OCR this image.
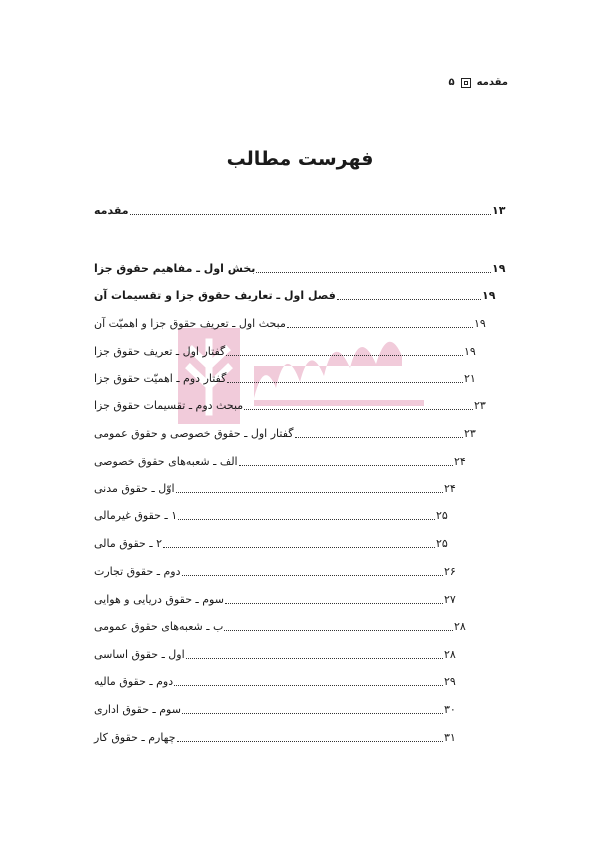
مقدمه
۵
فهرست مطالب
مقدمه	۱۳
بخش اول ـ مفاهیم حقوق جزا	۱۹
فصل اول ـ تعاریف حقوق جزا و تقسیمات آن	۱۹
مبحث اول ـ تعریف حقوق جزا و اهمیّت آن	۱۹
گفتار اول ـ تعریف حقوق جزا	۱۹
گفتار دوم ـ اهمیّت حقوق جزا	۲۱
مبحث دوم ـ تقسیمات حقوق جزا	۲۳
گفتار اول ـ حقوق خصوصی و حقوق عمومی	۲۳
الف ـ شعبه‌های حقوق خصوصی	۲۴
اوّل ـ حقوق مدنی	۲۴
۱ ـ حقوق غیرمالی	۲۵
۲ ـ حقوق مالی	۲۵
دوم ـ حقوق تجارت	۲۶
سوم ـ حقوق دریایی و هوایی	۲۷
ب ـ شعبه‌های حقوق عمومی	۲۸
اول ـ حقوق اساسی	۲۸
دوم ـ حقوق مالیه	۲۹
سوم ـ حقوق اداری	۳۰
چهارم ـ حقوق کار	۳۱
